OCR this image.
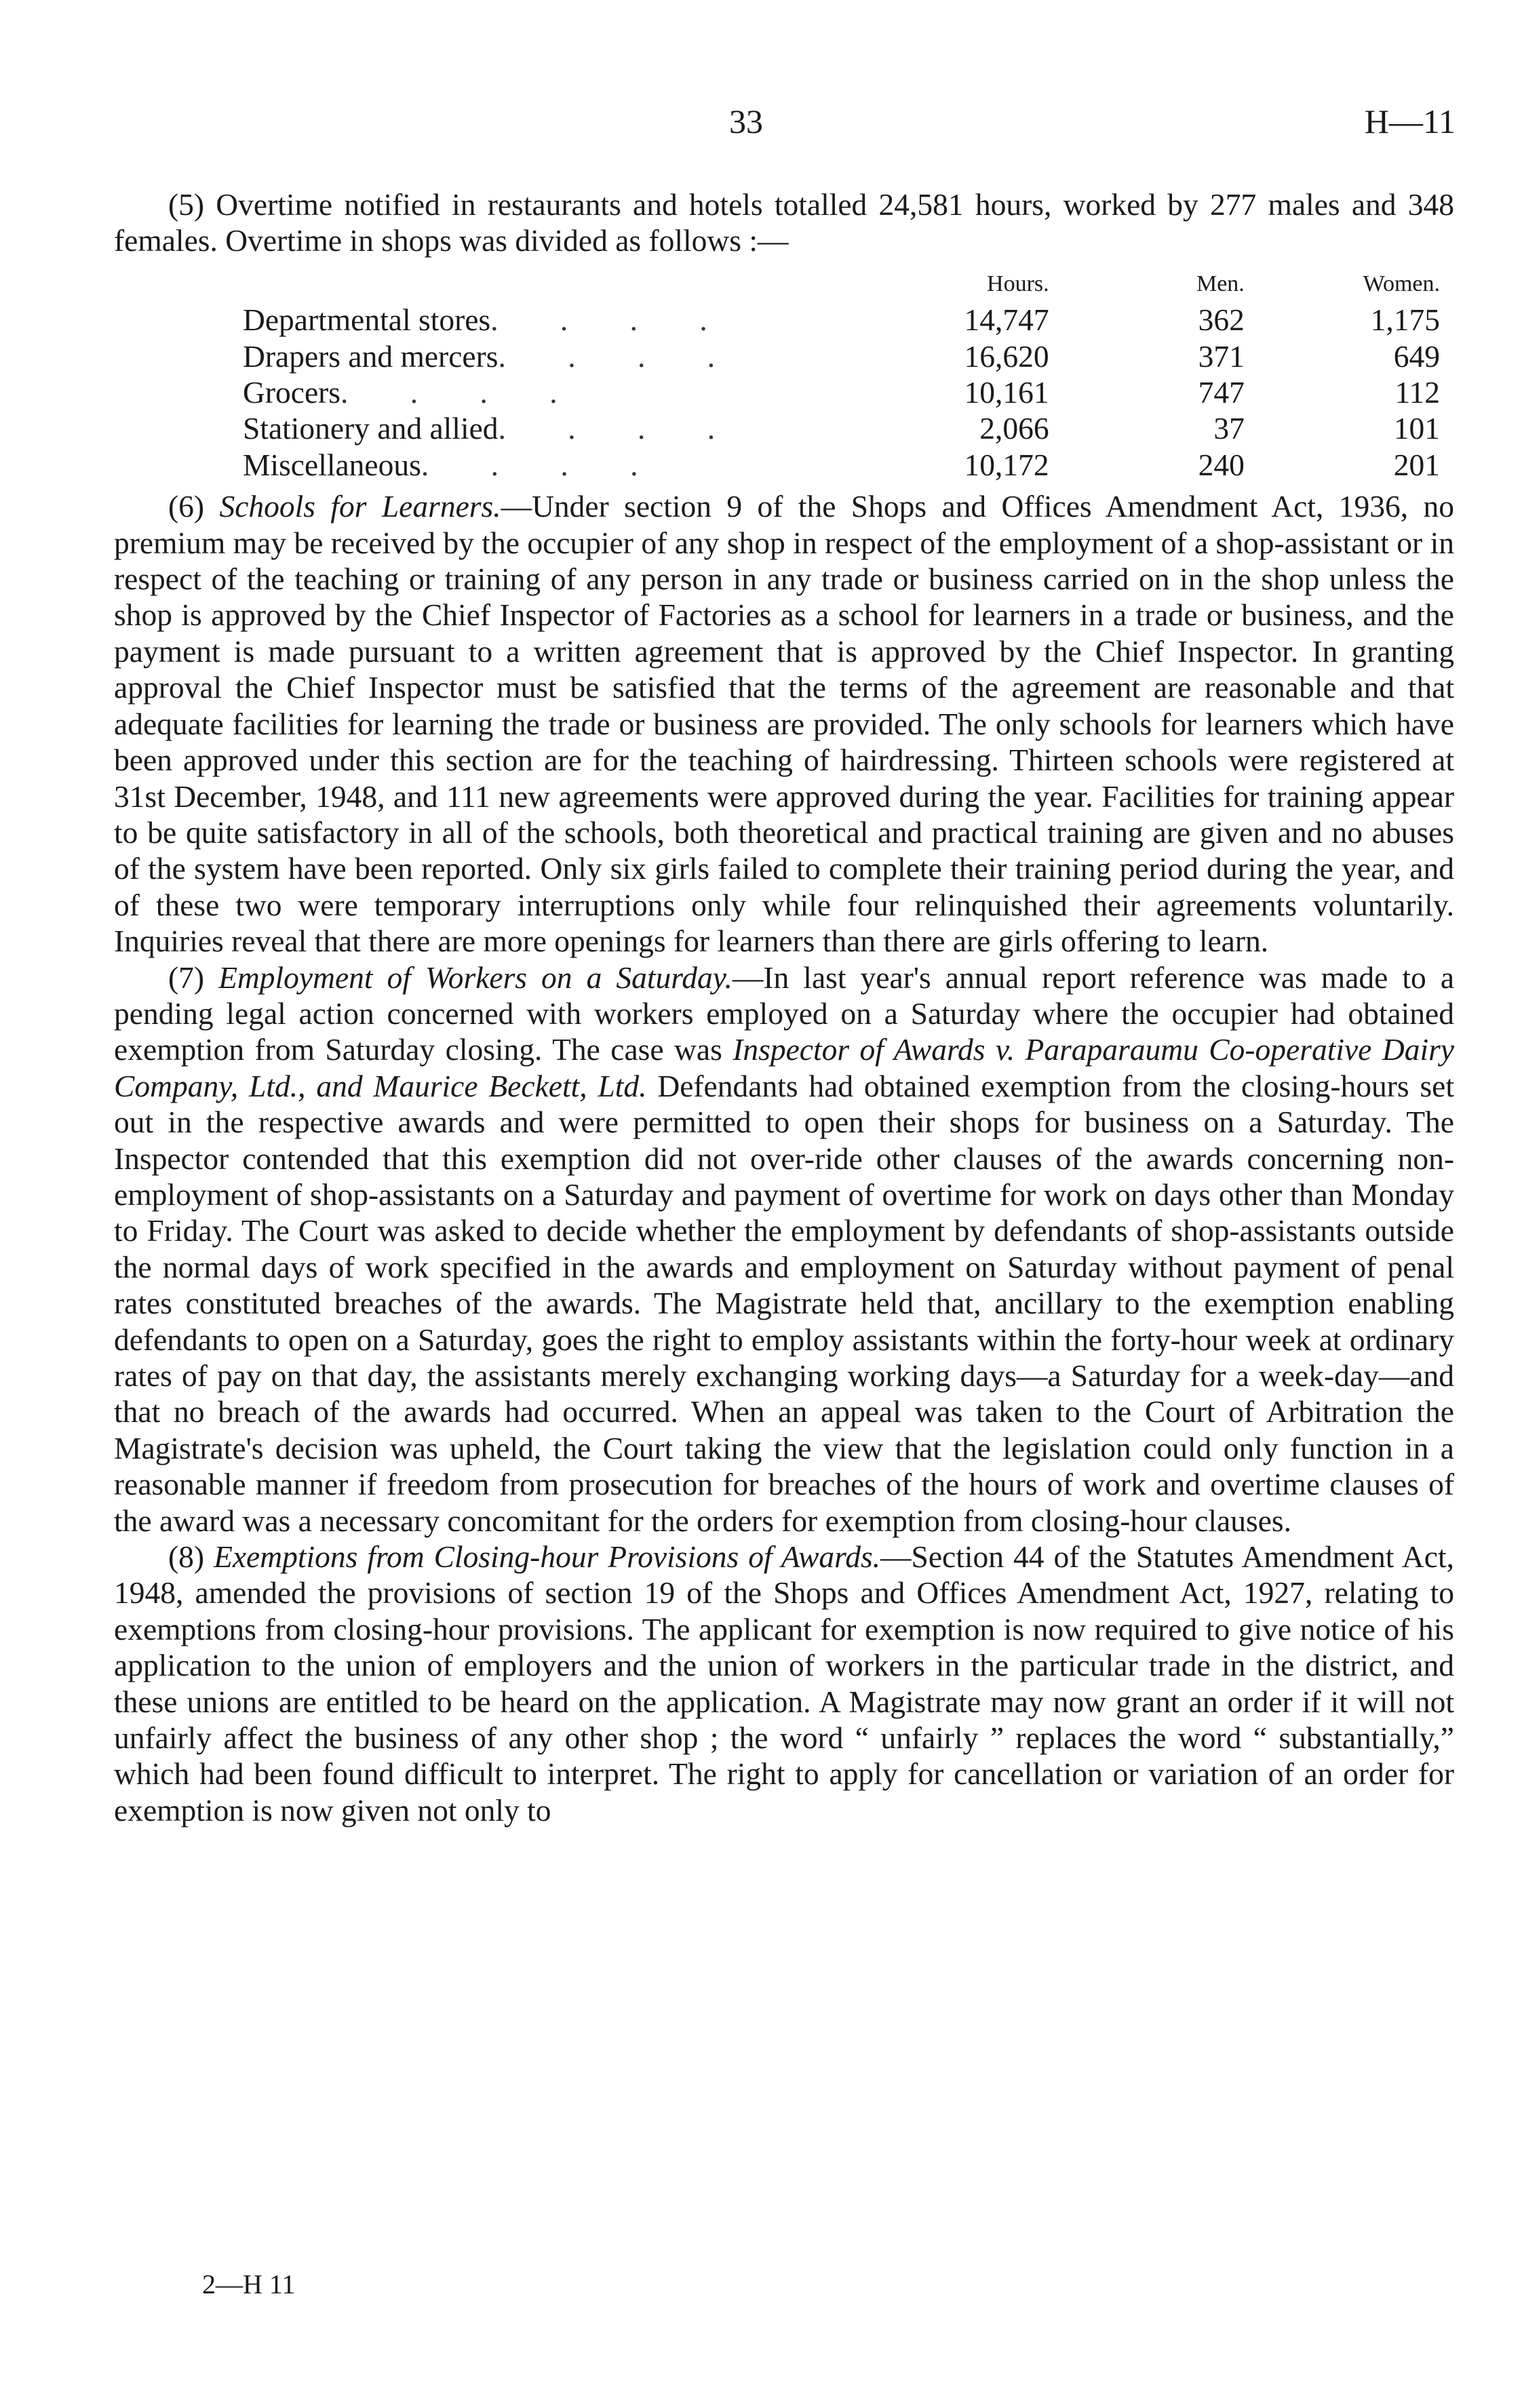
33	H—11

(5) Overtime notified in restaurants and hotels totalled 24,581 hours, worked by 277 males and 348 females. Overtime in shops was divided as follows :—

	Hours.	Men.	Women.
Departmental stores. . . .	14,747	362	1,175
Drapers and mercers. . . .	16,620	371	649
Grocers. . . .	10,161	747	112
Stationery and allied. . . .	2,066	37	101
Miscellaneous. . . .	10,172	240	201

(6) Schools for Learners.—Under section 9 of the Shops and Offices Amendment Act, 1936, no premium may be received by the occupier of any shop in respect of the employment of a shop-assistant or in respect of the teaching or training of any person in any trade or business carried on in the shop unless the shop is approved by the Chief Inspector of Factories as a school for learners in a trade or business, and the payment is made pursuant to a written agreement that is approved by the Chief Inspector. In granting approval the Chief Inspector must be satisfied that the terms of the agreement are reasonable and that adequate facilities for learning the trade or business are provided. The only schools for learners which have been approved under this section are for the teaching of hairdressing. Thirteen schools were registered at 31st December, 1948, and 111 new agreements were approved during the year. Facilities for training appear to be quite satisfactory in all of the schools, both theoretical and practical training are given and no abuses of the system have been reported. Only six girls failed to complete their training period during the year, and of these two were temporary interruptions only while four relinquished their agreements voluntarily. Inquiries reveal that there are more openings for learners than there are girls offering to learn.

(7) Employment of Workers on a Saturday.—In last year's annual report reference was made to a pending legal action concerned with workers employed on a Saturday where the occupier had obtained exemption from Saturday closing. The case was Inspector of Awards v. Paraparaumu Co-operative Dairy Company, Ltd., and Maurice Beckett, Ltd. Defendants had obtained exemption from the closing-hours set out in the respective awards and were permitted to open their shops for business on a Saturday. The Inspector contended that this exemption did not over-ride other clauses of the awards concerning non-employment of shop-assistants on a Saturday and payment of overtime for work on days other than Monday to Friday. The Court was asked to decide whether the employment by defendants of shop-assistants outside the normal days of work specified in the awards and employment on Saturday without payment of penal rates constituted breaches of the awards. The Magistrate held that, ancillary to the exemption enabling defendants to open on a Saturday, goes the right to employ assistants within the forty-hour week at ordinary rates of pay on that day, the assistants merely exchanging working days—a Saturday for a week-day—and that no breach of the awards had occurred. When an appeal was taken to the Court of Arbitration the Magistrate's decision was upheld, the Court taking the view that the legislation could only function in a reasonable manner if freedom from prosecution for breaches of the hours of work and overtime clauses of the award was a necessary concomitant for the orders for exemption from closing-hour clauses.

(8) Exemptions from Closing-hour Provisions of Awards.—Section 44 of the Statutes Amendment Act, 1948, amended the provisions of section 19 of the Shops and Offices Amendment Act, 1927, relating to exemptions from closing-hour provisions. The applicant for exemption is now required to give notice of his application to the union of employers and the union of workers in the particular trade in the district, and these unions are entitled to be heard on the application. A Magistrate may now grant an order if it will not unfairly affect the business of any other shop ; the word “ unfairly ” replaces the word “ substantially,” which had been found difficult to interpret. The right to apply for cancellation or variation of an order for exemption is now given not only to

2—H 11
